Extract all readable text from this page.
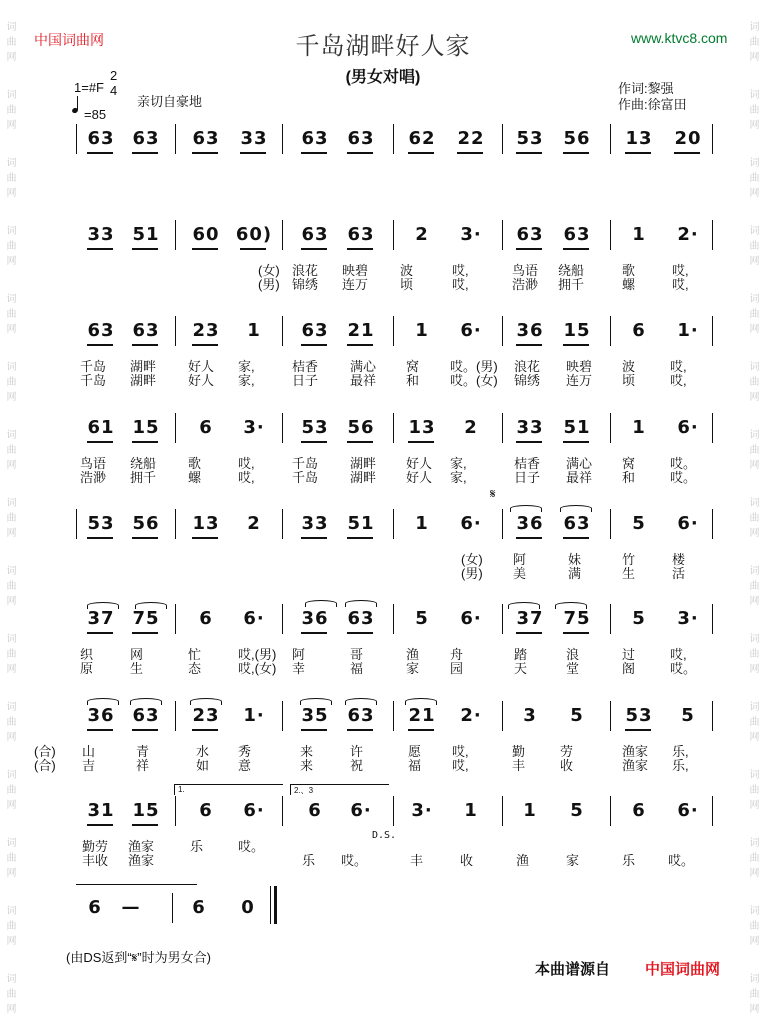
中国词曲网	www.ktvc8.com
千岛湖畔好人家
(男女对唱)
1=#F
2
4
=85
亲切自豪地
作词:黎强
作曲:徐富田
(由DS返到“𝄋”时为男女合)
本曲谱源自 中国词曲网
词 曲 网
词 曲 网
词 曲 网
词 曲 网
词 曲 网
词 曲 网
词 曲 网
词 曲 网
词 曲 网
词 曲 网
词 曲 网
词 曲 网
词 曲 网
词 曲 网
词 曲 网
词 曲 网
词 曲 网
词 曲 网
词 曲 网
词 曲 网
词 曲 网
词 曲 网
词 曲 网
词 曲 网
词 曲 网
词 曲 网
词 曲 网
词 曲 网
词 曲 网
词 曲 网
63 63	63	33	63	63	62	22	53	56	13	20
33 51	60 60)	63	63	2	3·	63	63	1	2·
(女) 浪花 映碧 波	哎,	鸟语 绕船	歌	哎,
(男) 锦绣 连万 顷	哎,	浩渺 拥千	螺	哎,
63 63	23	1	63	21	1	6·	36	15	6	1·
千岛 湖畔 好人 家,	桔香 满心 窝 哎。(男) 浪花 映碧 波	哎,
千岛 湖畔 好人 家,	日子 最祥 和 哎。(女) 锦绣 连万 顷	哎,
61 15	6	3·	53	56	13	2	33	51	1	6·
鸟语 绕船 歌	哎,	千岛 湖畔 好人 家,	桔香 满心 窝	哎。
浩渺 拥千 螺	哎,	千岛 湖畔 好人 家,	日子 最祥 和	哎。
53 56	13	2	33	51	1	6·	36	63	5	6·
(女) 阿	妹	竹	楼
(男) 美	满	生	活
37 75	6	6·	36	63	5	6·	37	75	5	3·
织	网	忙	哎,(男) 阿	哥	渔 舟	踏	浪	过	哎,
原	生	态	哎,(女) 幸	福	家 园	天	堂	阁	哎。
36 63	23	1·	35	63	21	2·	3	5	53	5
(合) 山	青	水 秀	来	许	愿 哎,	勤	劳	渔家 乐,
(合) 吉	祥	如 意	来	祝	福 哎,	丰	收	渔家 乐,
31 15	6	6·	6	6·	3·	1	1	5	6	6·
勤劳 渔家	乐	哎。
丰收 渔家	乐 哎。	丰	收	渔	家	乐	哎。
𝄋
1.	2.、3
D.S.
6	—	6	0
